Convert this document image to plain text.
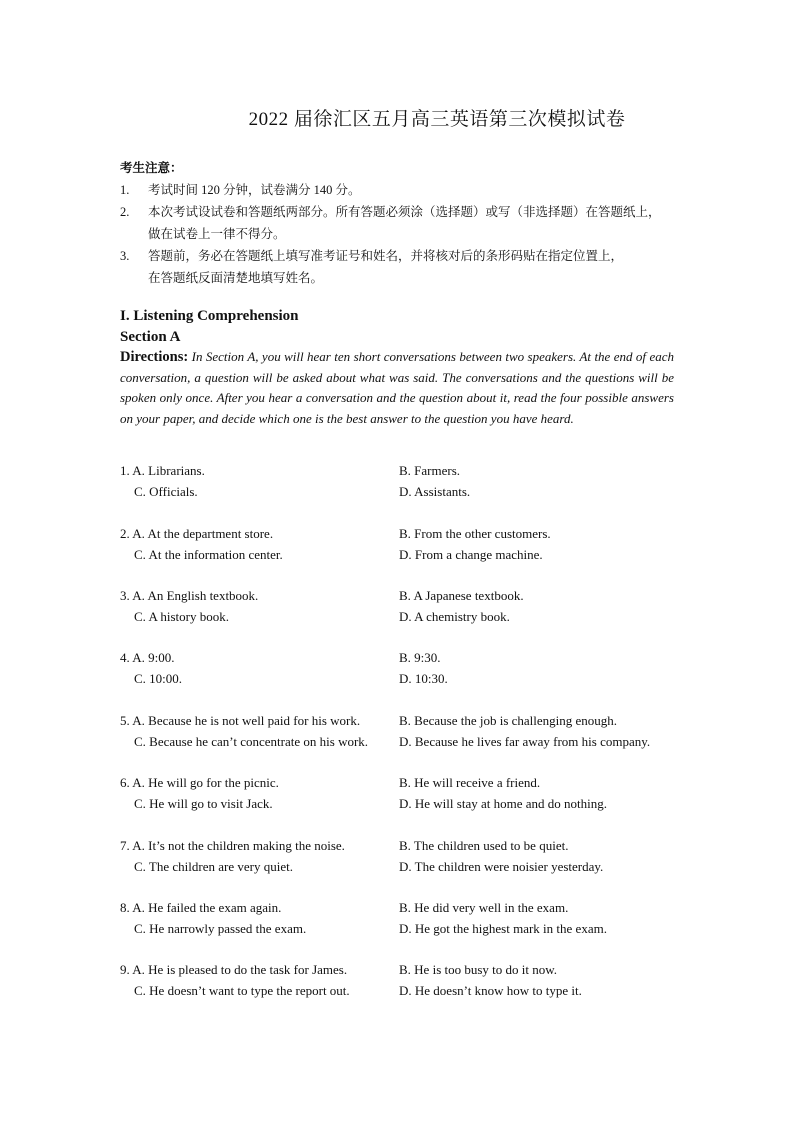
2022 届徐汇区五月高三英语第三次模拟试卷
考生注意：
1.	考试时间 120 分钟，试卷满分 140 分。
2.	本次考试设试卷和答题纸两部分。所有答题必须涂（选择题）或写（非选择题）在答题纸上，
做在试卷上一律不得分。
3.	答题前，务必在答题纸上填写准考证号和姓名，并将核对后的条形码贴在指定位置上，
在答题纸反面清楚地填写姓名。
I. Listening Comprehension
Section A
Directions: In Section A, you will hear ten short conversations between two speakers. At the end of each conversation, a question will be asked about what was said. The conversations and the questions will be spoken only once. After you hear a conversation and the question about it, read the four possible answers on your paper, and decide which one is the best answer to the question you have heard.
1. A. Librarians.	B. Farmers.
C. Officials.	D. Assistants.
2. A. At the department store.	B. From the other customers.
C. At the information center.	D. From a change machine.
3. A. An English textbook.	B. A Japanese textbook.
C. A history book.	D. A chemistry book.
4. A. 9:00.	B. 9:30.
C. 10:00.	D. 10:30.
5. A. Because he is not well paid for his work.	B. Because the job is challenging enough.
C. Because he can’t concentrate on his work. D. Because he lives far away from his company.
6. A. He will go for the picnic.	B. He will receive a friend.
C. He will go to visit Jack.	D. He will stay at home and do nothing.
7. A. It’s not the children making the noise.	B. The children used to be quiet.
C. The children are very quiet.	D. The children were noisier yesterday.
8. A. He failed the exam again.	B. He did very well in the exam.
C. He narrowly passed the exam.	D. He got the highest mark in the exam.
9. A. He is pleased to do the task for James.	B. He is too busy to do it now.
C. He doesn’t want to type the report out.	D. He doesn’t know how to type it.
